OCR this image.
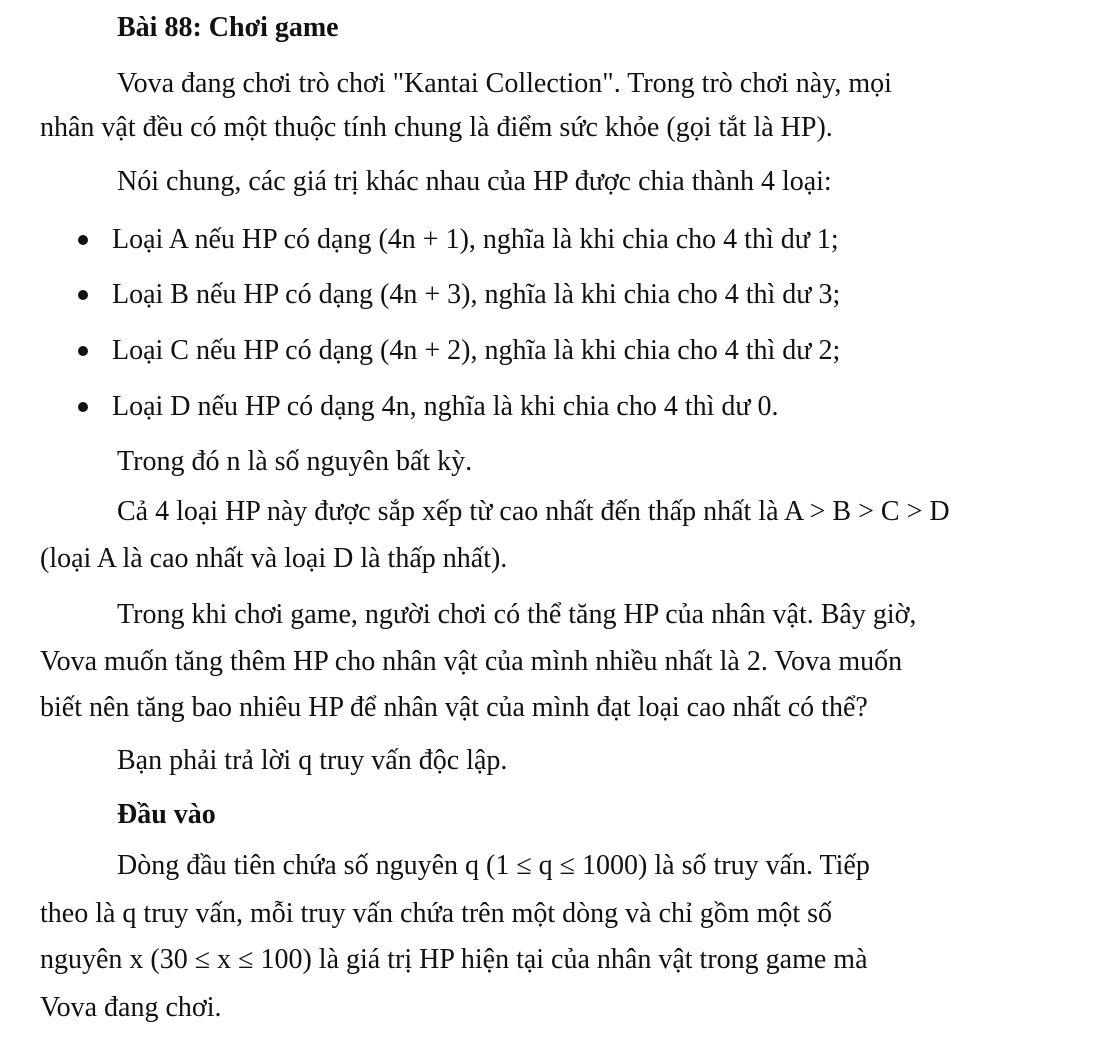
Bài 88: Chơi game

Vova đang chơi trò chơi "Kantai Collection". Trong trò chơi này, mọi

nhân vật đều có một thuộc tính chung là điểm sức khỏe (gọi tắt là HP).

Nói chung, các giá trị khác nhau của HP được chia thành 4 loại:

Loại A nếu HP có dạng (4n + 1), nghĩa là khi chia cho 4 thì dư 1;
Loại B nếu HP có dạng (4n + 3), nghĩa là khi chia cho 4 thì dư 3;
Loại C nếu HP có dạng (4n + 2), nghĩa là khi chia cho 4 thì dư 2;
Loại D nếu HP có dạng 4n, nghĩa là khi chia cho 4 thì dư 0.

Trong đó n là số nguyên bất kỳ.

Cả 4 loại HP này được sắp xếp từ cao nhất đến thấp nhất là A > B > C > D

(loại A là cao nhất và loại D là thấp nhất).

Trong khi chơi game, người chơi có thể tăng HP của nhân vật. Bây giờ,

Vova muốn tăng thêm HP cho nhân vật của mình nhiều nhất là 2. Vova muốn

biết nên tăng bao nhiêu HP để nhân vật của mình đạt loại cao nhất có thể?

Bạn phải trả lời q truy vấn độc lập.

Đầu vào

Dòng đầu tiên chứa số nguyên q (1 ≤ q ≤ 1000) là số truy vấn. Tiếp

theo là q truy vấn, mỗi truy vấn chứa trên một dòng và chỉ gồm một số

nguyên x (30 ≤ x ≤ 100) là giá trị HP hiện tại của nhân vật trong game mà

Vova đang chơi.
